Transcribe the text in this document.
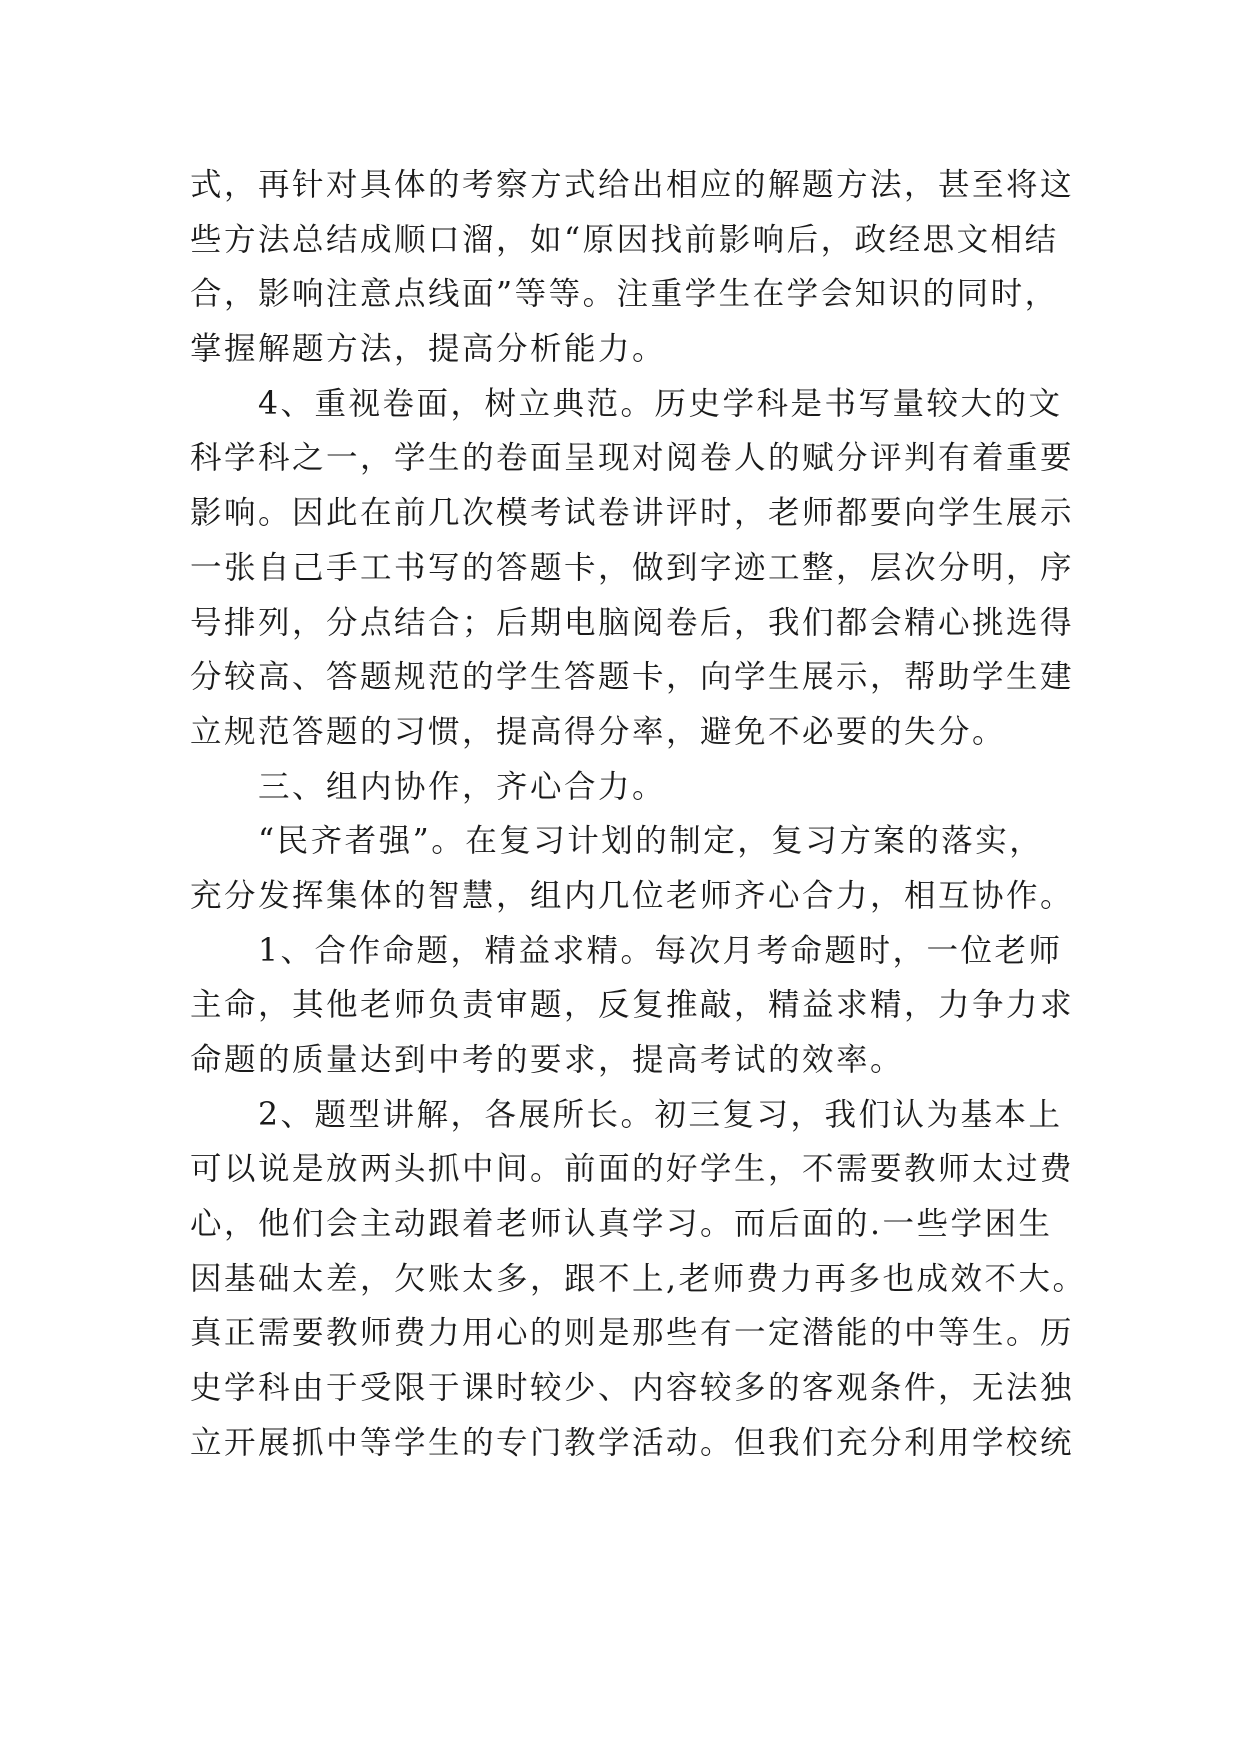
式，再针对具体的考察方式给出相应的解题方法，甚至将这
些方法总结成顺口溜，如“原因找前影响后，政经思文相结
合，影响注意点线面”等等。注重学生在学会知识的同时，
掌握解题方法，提高分析能力。
　　4、重视卷面，树立典范。历史学科是书写量较大的文
科学科之一，学生的卷面呈现对阅卷人的赋分评判有着重要
影响。因此在前几次模考试卷讲评时，老师都要向学生展示
一张自己手工书写的答题卡，做到字迹工整，层次分明，序
号排列，分点结合；后期电脑阅卷后，我们都会精心挑选得
分较高、答题规范的学生答题卡，向学生展示，帮助学生建
立规范答题的习惯，提高得分率，避免不必要的失分。
　　三、组内协作，齐心合力。
　　“民齐者强”。在复习计划的制定，复习方案的落实，
充分发挥集体的智慧，组内几位老师齐心合力，相互协作。
　　1、合作命题，精益求精。每次月考命题时，一位老师
主命，其他老师负责审题，反复推敲，精益求精，力争力求
命题的质量达到中考的要求，提高考试的效率。
　　2、题型讲解，各展所长。初三复习，我们认为基本上
可以说是放两头抓中间。前面的好学生，不需要教师太过费
心，他们会主动跟着老师认真学习。而后面的.一些学困生
因基础太差，欠账太多，跟不上,老师费力再多也成效不大。
真正需要教师费力用心的则是那些有一定潜能的中等生。历
史学科由于受限于课时较少、内容较多的客观条件，无法独
立开展抓中等学生的专门教学活动。但我们充分利用学校统
